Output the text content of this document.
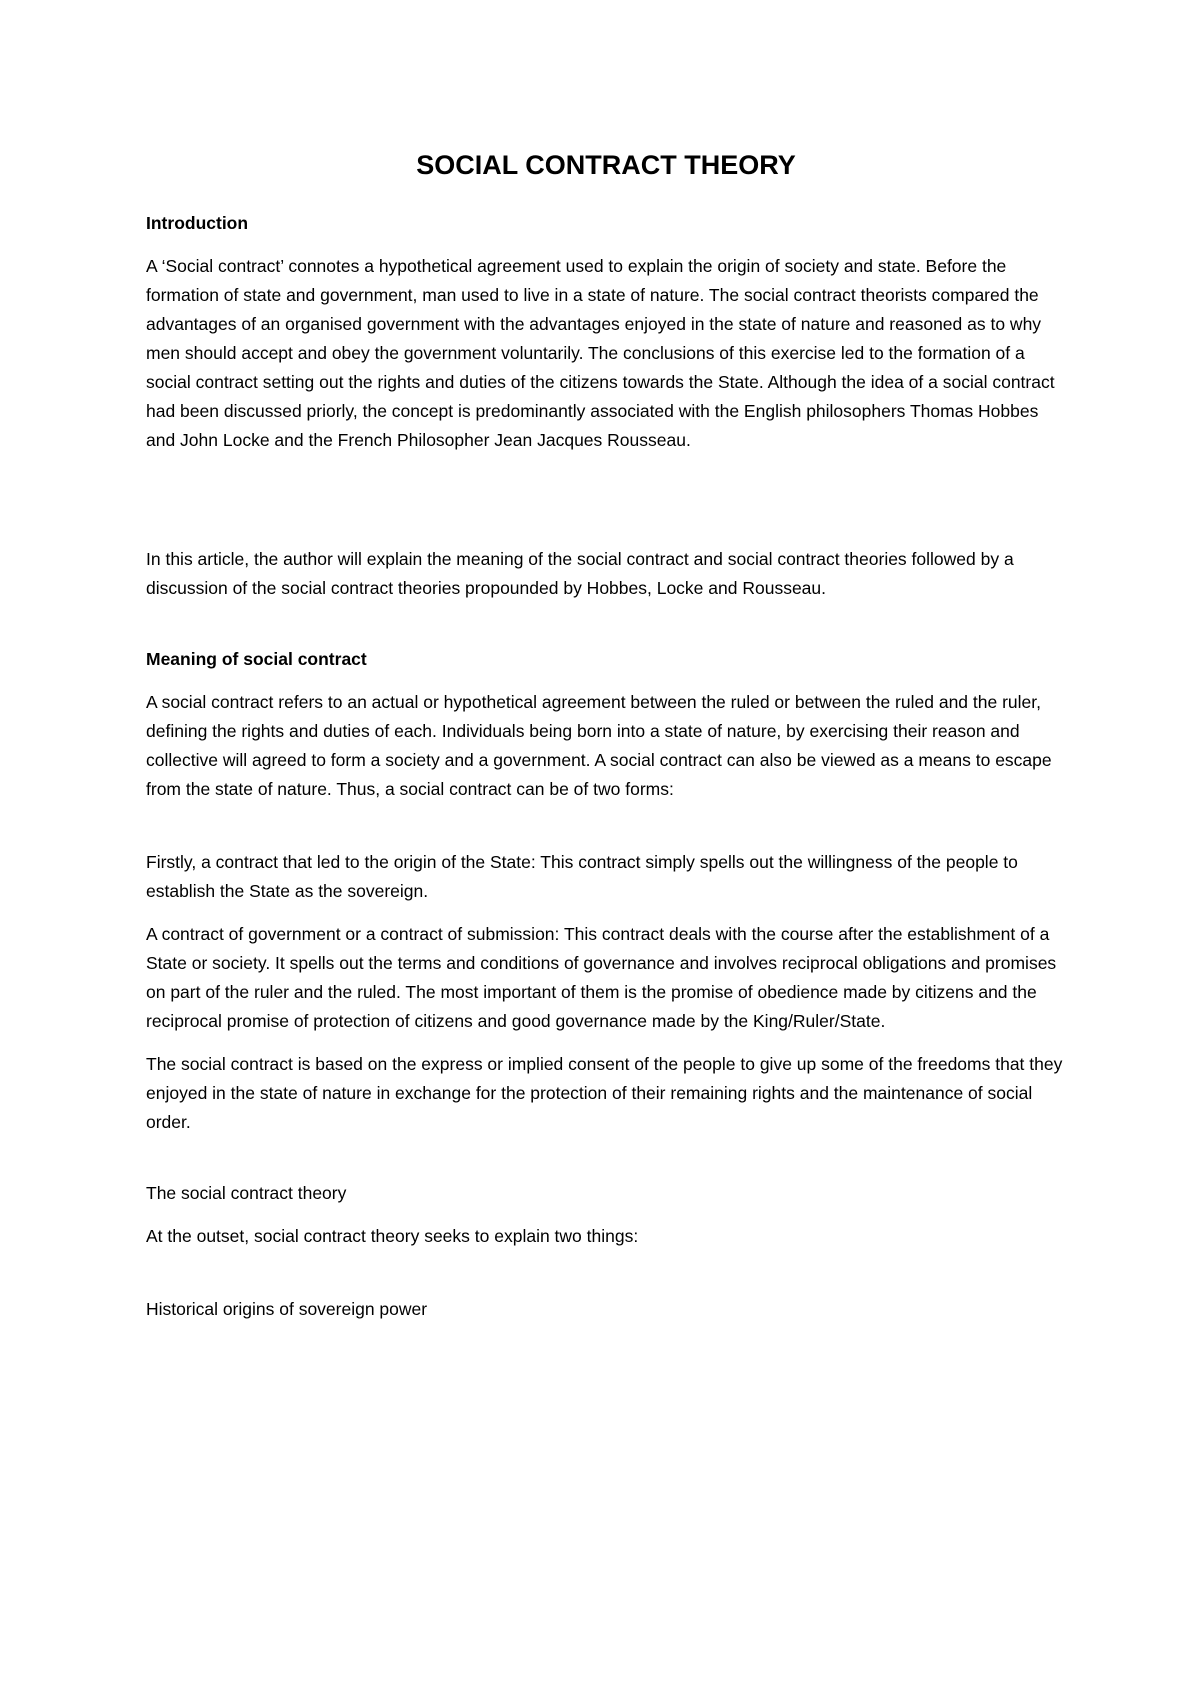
SOCIAL CONTRACT THEORY
Introduction

A ‘Social contract’ connotes a hypothetical agreement used to explain the origin of society and state. Before the formation of state and government, man used to live in a state of nature. The social contract theorists compared the advantages of an organised government with the advantages enjoyed in the state of nature and reasoned as to why men should accept and obey the government voluntarily. The conclusions of this exercise led to the formation of a social contract setting out the rights and duties of the citizens towards the State. Although the idea of a social contract had been discussed priorly, the concept is predominantly associated with the English philosophers Thomas Hobbes and John Locke and the French Philosopher Jean Jacques Rousseau.

In this article, the author will explain the meaning of the social contract and social contract theories followed by a discussion of the social contract theories propounded by Hobbes, Locke and Rousseau.

Meaning of social contract

A social contract refers to an actual or hypothetical agreement between the ruled or between the ruled and the ruler, defining the rights and duties of each. Individuals being born into a state of nature, by exercising their reason and collective will agreed to form a society and a government. A social contract can also be viewed as a means to escape from the state of nature. Thus, a social contract can be of two forms:

Firstly, a contract that led to the origin of the State: This contract simply spells out the willingness of the people to establish the State as the sovereign.

A contract of government or a contract of submission: This contract deals with the course after the establishment of a State or society. It spells out the terms and conditions of governance and involves reciprocal obligations and promises on part of the ruler and the ruled. The most important of them is the promise of obedience made by citizens and the reciprocal promise of protection of citizens and good governance made by the King/Ruler/State.

The social contract is based on the express or implied consent of the people to give up some of the freedoms that they enjoyed in the state of nature in exchange for the protection of their remaining rights and the maintenance of social order.

The social contract theory

At the outset, social contract theory seeks to explain two things:

Historical origins of sovereign power
